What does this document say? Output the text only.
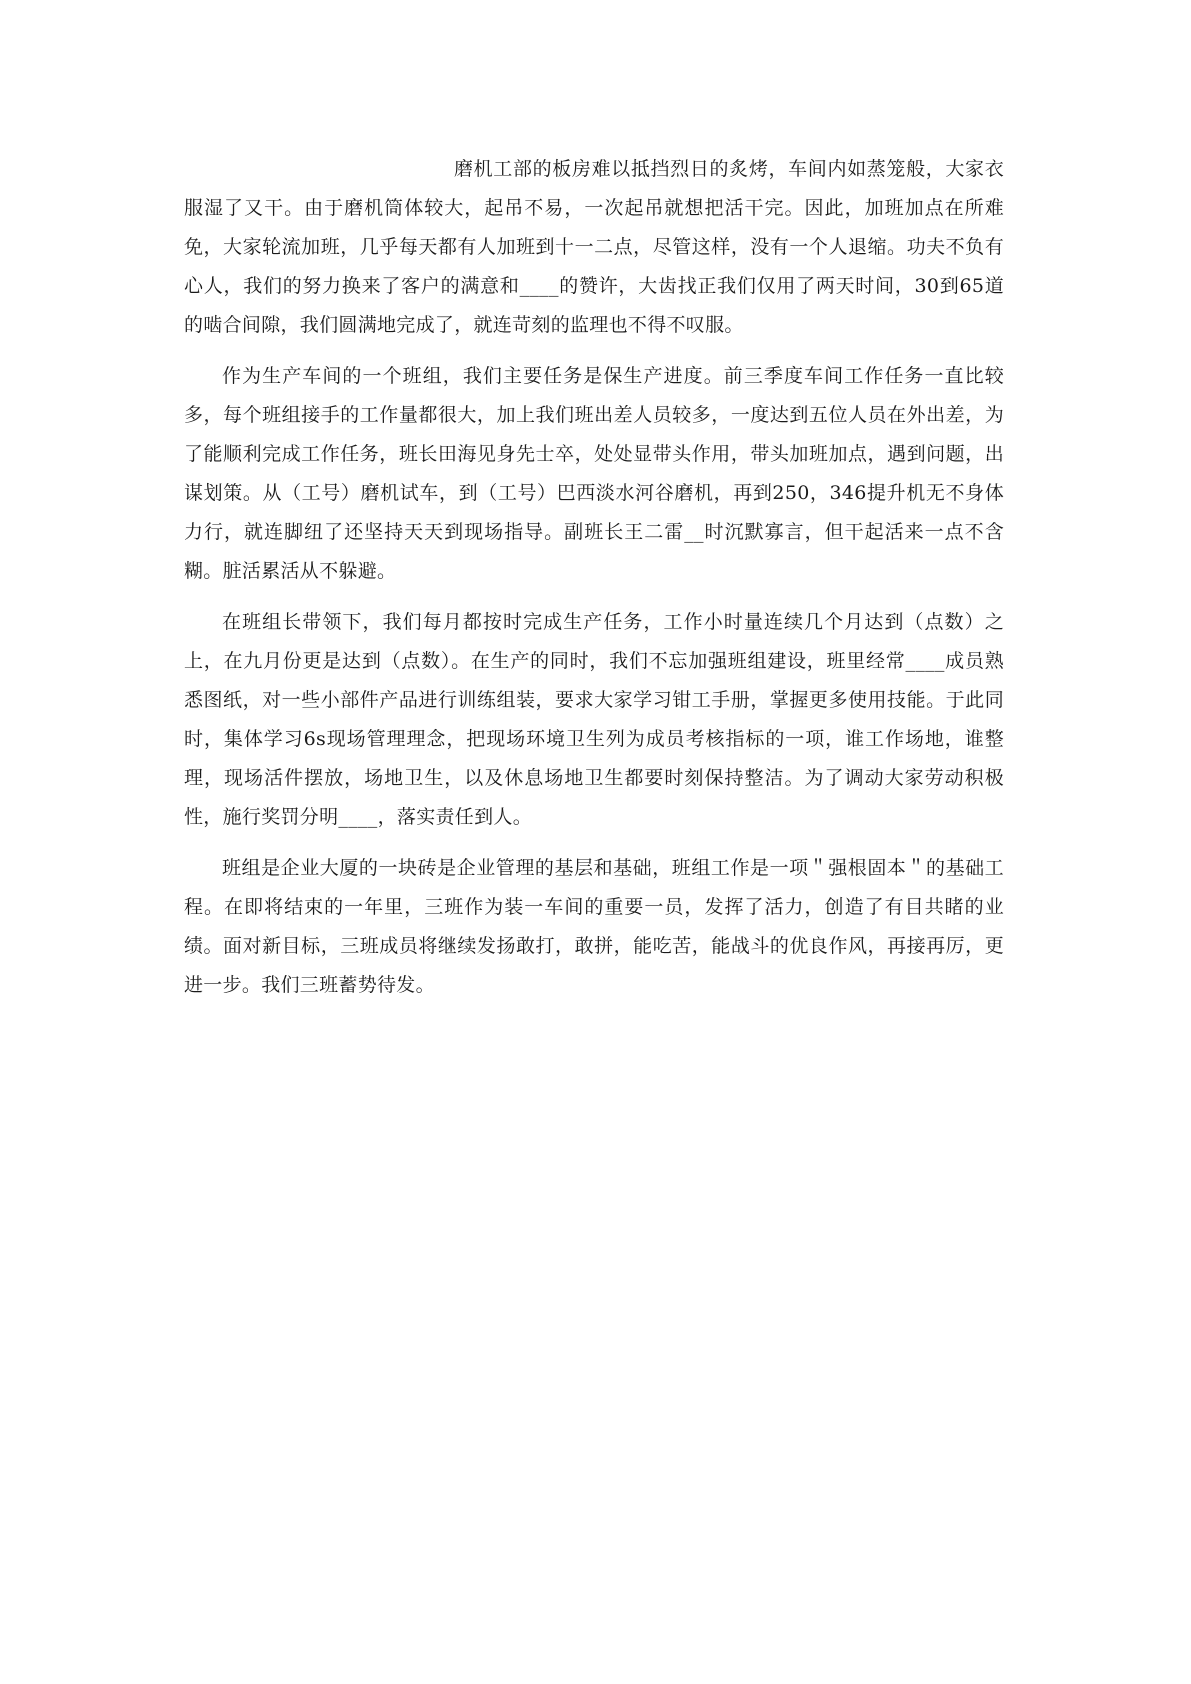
磨机工部的板房难以抵挡烈日的炙烤，车间内如蒸笼般，大家衣服湿了又干。由于磨机筒体较大，起吊不易，一次起吊就想把活干完。因此，加班加点在所难免，大家轮流加班，几乎每天都有人加班到十一二点，尽管这样，没有一个人退缩。功夫不负有心人，我们的努力换来了客户的满意和____的赞许，大齿找正我们仅用了两天时间，30到65道的啮合间隙，我们圆满地完成了，就连苛刻的监理也不得不叹服。

作为生产车间的一个班组，我们主要任务是保生产进度。前三季度车间工作任务一直比较多，每个班组接手的工作量都很大，加上我们班出差人员较多，一度达到五位人员在外出差，为了能顺利完成工作任务，班长田海见身先士卒，处处显带头作用，带头加班加点，遇到问题，出谋划策。从（工号）磨机试车，到（工号）巴西淡水河谷磨机，再到250，346提升机无不身体力行，就连脚纽了还坚持天天到现场指导。副班长王二雷__时沉默寡言，但干起活来一点不含糊。脏活累活从不躲避。

在班组长带领下，我们每月都按时完成生产任务，工作小时量连续几个月达到（点数）之上，在九月份更是达到（点数）。在生产的同时，我们不忘加强班组建设，班里经常____成员熟悉图纸，对一些小部件产品进行训练组装，要求大家学习钳工手册，掌握更多使用技能。于此同时，集体学习6s现场管理理念，把现场环境卫生列为成员考核指标的一项，谁工作场地，谁整理，现场活件摆放，场地卫生，以及休息场地卫生都要时刻保持整洁。为了调动大家劳动积极性，施行奖罚分明____，落实责任到人。

班组是企业大厦的一块砖是企业管理的基层和基础，班组工作是一项＂强根固本＂的基础工程。在即将结束的一年里，三班作为装一车间的重要一员，发挥了活力，创造了有目共睹的业绩。面对新目标，三班成员将继续发扬敢打，敢拼，能吃苦，能战斗的优良作风，再接再厉，更进一步。我们三班蓄势待发。
